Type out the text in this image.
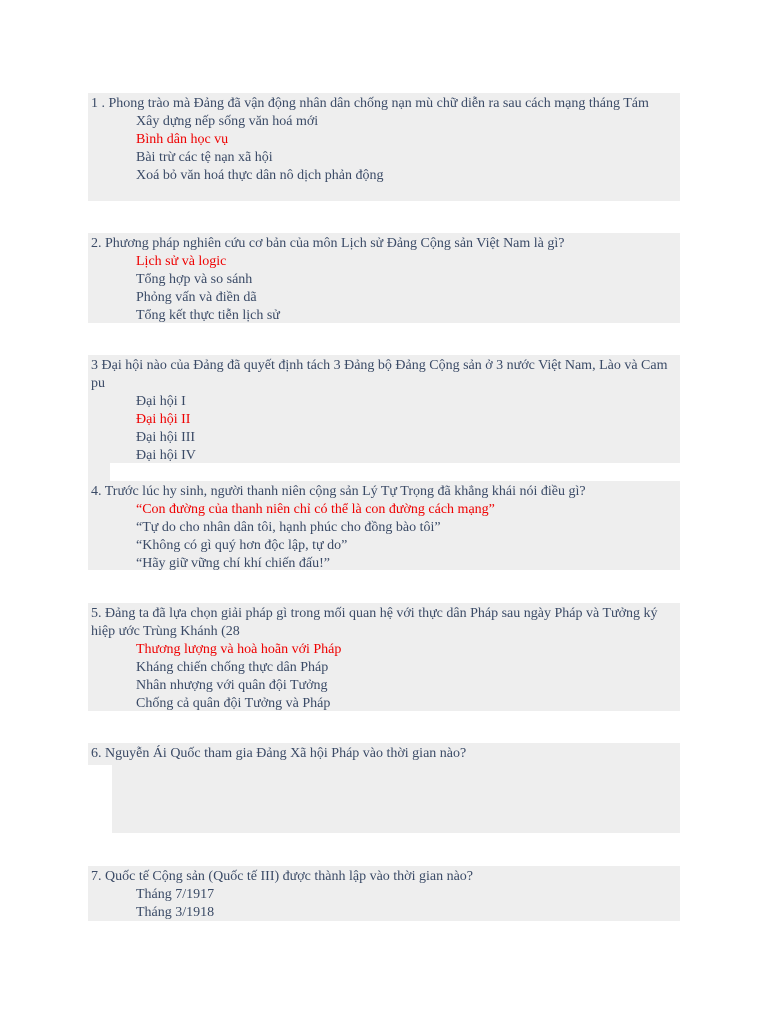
1 . Phong trào mà Đảng đã vận động nhân dân chống nạn mù chữ diễn ra sau cách mạng tháng Tám

Xây dựng nếp sống văn hoá mới
Bình dân học vụ
Bài trừ các tệ nạn xã hội
Xoá bỏ văn hoá thực dân nô dịch phản động

2. Phương pháp nghiên cứu cơ bản của môn Lịch sử Đảng Cộng sản Việt Nam là gì?

Lịch sử và logic
Tổng hợp và so sánh
Phỏng vấn và điền dã
Tổng kết thực tiễn lịch sử

3 Đại hội nào của Đảng đã quyết định tách 3 Đảng bộ Đảng Cộng sản ở 3 nước Việt Nam, Lào và Cam pu

Đại hội I
Đại hội II
Đại hội III
Đại hội IV

4. Trước lúc hy sinh, người thanh niên cộng sản Lý Tự Trọng đã khẳng khái nói điều gì?

“Con đường của thanh niên chỉ có thể là con đường cách mạng”
“Tự do cho nhân dân tôi, hạnh phúc cho đồng bào tôi”
“Không có gì quý hơn độc lập, tự do”
“Hãy giữ vững chí khí chiến đấu!”

5. Đảng ta đã lựa chọn giải pháp gì trong mối quan hệ với thực dân Pháp sau ngày Pháp và Tưởng ký hiệp ước Trùng Khánh (28

Thương lượng và hoà hoãn với Pháp
Kháng chiến chống thực dân Pháp
Nhân nhượng với quân đội Tưởng
Chống cả quân đội Tưởng và Pháp

6. Nguyễn Ái Quốc tham gia Đảng Xã hội Pháp vào thời gian nào?

7. Quốc tế Cộng sản (Quốc tế III) được thành lập vào thời gian nào?

Tháng 7/1917
Tháng 3/1918
